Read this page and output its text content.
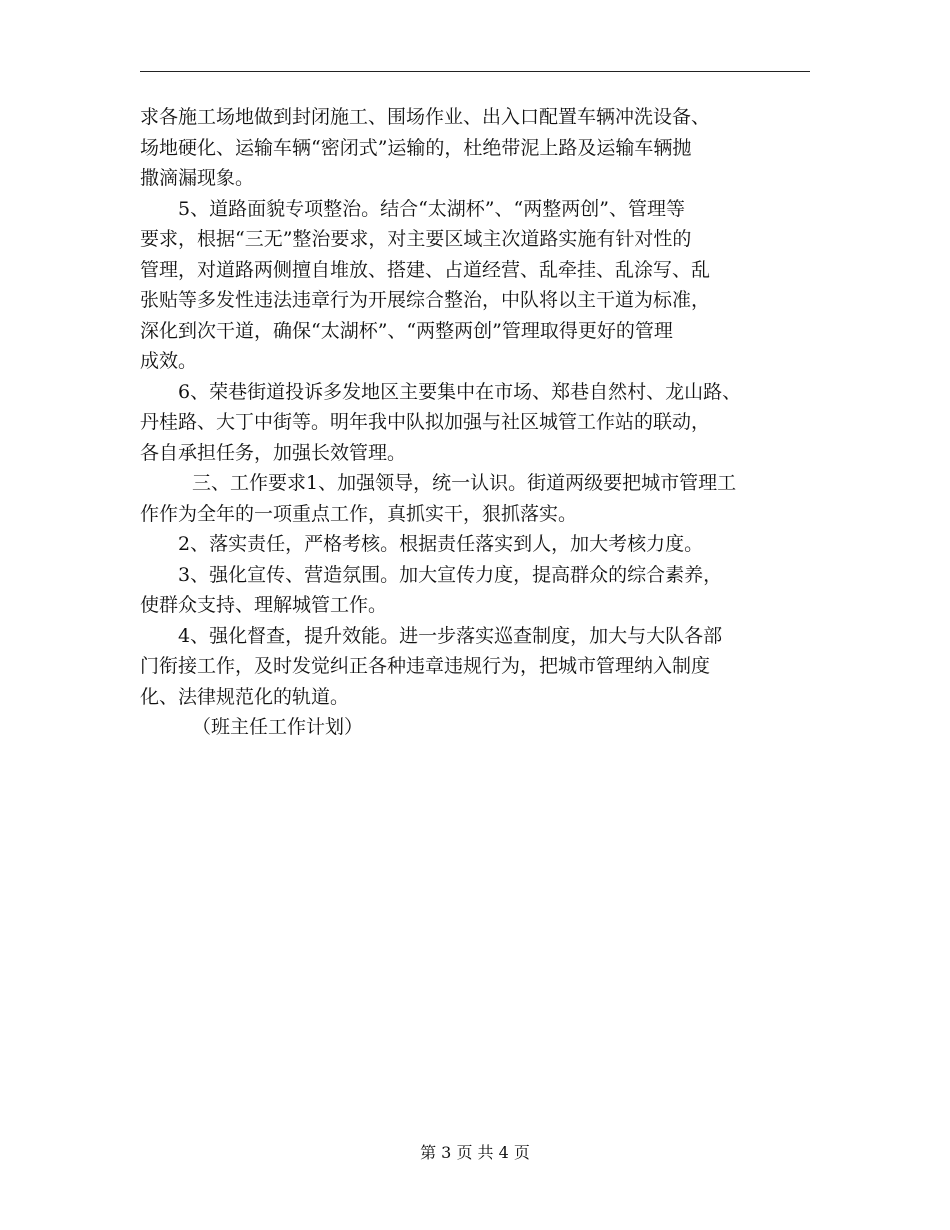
求各施工场地做到封闭施工、围场作业、出入口配置车辆冲洗设备、
场地硬化、运输车辆“密闭式”运输的，杜绝带泥上路及运输车辆抛
撒滴漏现象。
5、道路面貌专项整治。结合“太湖杯”、“两整两创”、管理等
要求，根据“三无”整治要求，对主要区域主次道路实施有针对性的
管理，对道路两侧擅自堆放、搭建、占道经营、乱牵挂、乱涂写、乱
张贴等多发性违法违章行为开展综合整治，中队将以主干道为标准，
深化到次干道，确保“太湖杯”、“两整两创”管理取得更好的管理
成效。
6、荣巷街道投诉多发地区主要集中在市场、郑巷自然村、龙山路、
丹桂路、大丁中街等。明年我中队拟加强与社区城管工作站的联动，
各自承担任务，加强长效管理。
三、工作要求1、加强领导，统一认识。街道两级要把城市管理工
作作为全年的一项重点工作，真抓实干，狠抓落实。
2、落实责任，严格考核。根据责任落实到人，加大考核力度。
3、强化宣传、营造氛围。加大宣传力度，提高群众的综合素养，
使群众支持、理解城管工作。
4、强化督查，提升效能。进一步落实巡查制度，加大与大队各部
门衔接工作，及时发觉纠正各种违章违规行为，把城市管理纳入制度
化、法律规范化的轨道。
（班主任工作计划）
第 3 页 共 4 页
